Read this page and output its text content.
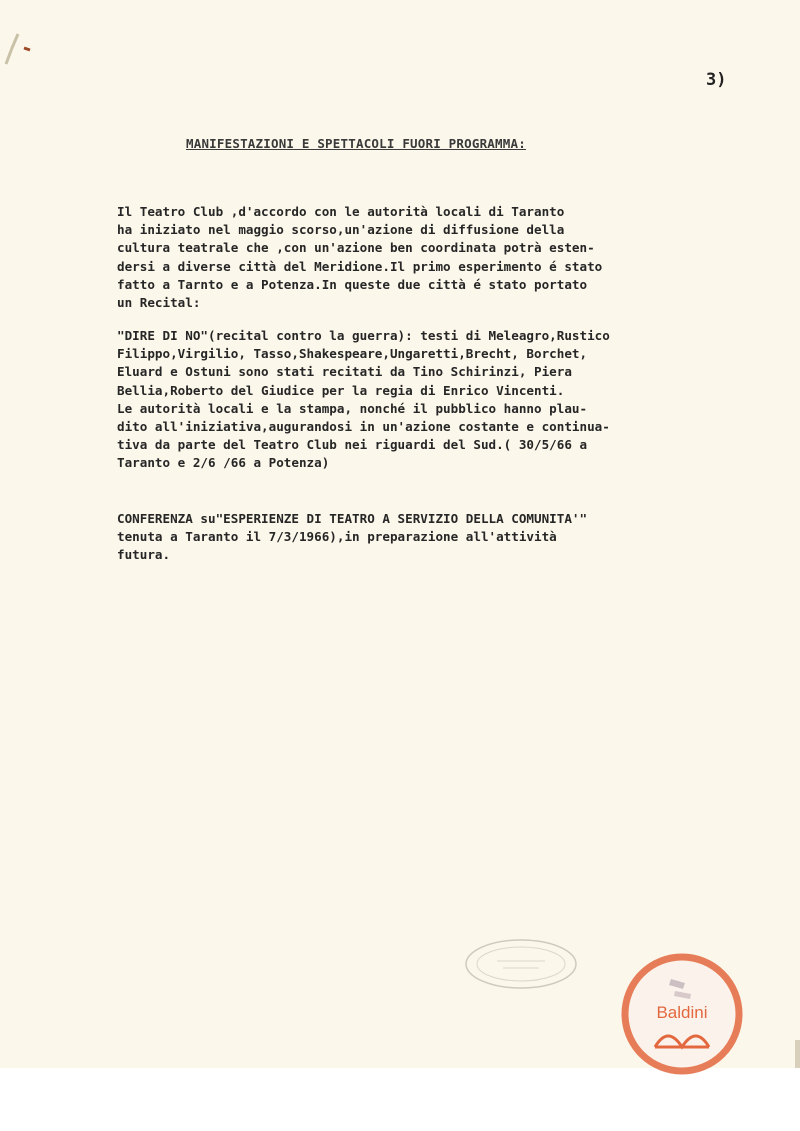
3)
MANIFESTAZIONI E SPETTACOLI FUORI PROGRAMMA:
Il Teatro Club ,d'accordo con le autorità locali di Taranto
ha iniziato nel maggio scorso,un'azione di diffusione della
cultura teatrale che ,con un'azione ben coordinata potrà esten-
dersi a diverse città del Meridione.Il primo esperimento é stato
fatto a Tarnto e a Potenza.In queste due città é stato portato
un Recital:
"DIRE DI NO"(recital contro la guerra): testi di Meleagro,Rustico
Filippo,Virgilio, Tasso,Shakespeare,Ungaretti,Brecht, Borchet,
Eluard e Ostuni sono stati recitati da Tino Schirinzi, Piera
Bellia,Roberto del Giudice per la regia di Enrico Vincenti.
Le autorità locali e la stampa, nonché il pubblico hanno plau-
dito all'iniziativa,augurandosi in un'azione costante e continua-
tiva da parte del Teatro Club nei riguardi del Sud.( 30/5/66 a
Taranto e 2/6 /66 a Potenza)
CONFERENZA su"ESPERIENZE DI TEATRO A SERVIZIO DELLA COMUNITA'"
tenuta a Taranto il 7/3/1966),in preparazione all'attività
futura.
Baldini
